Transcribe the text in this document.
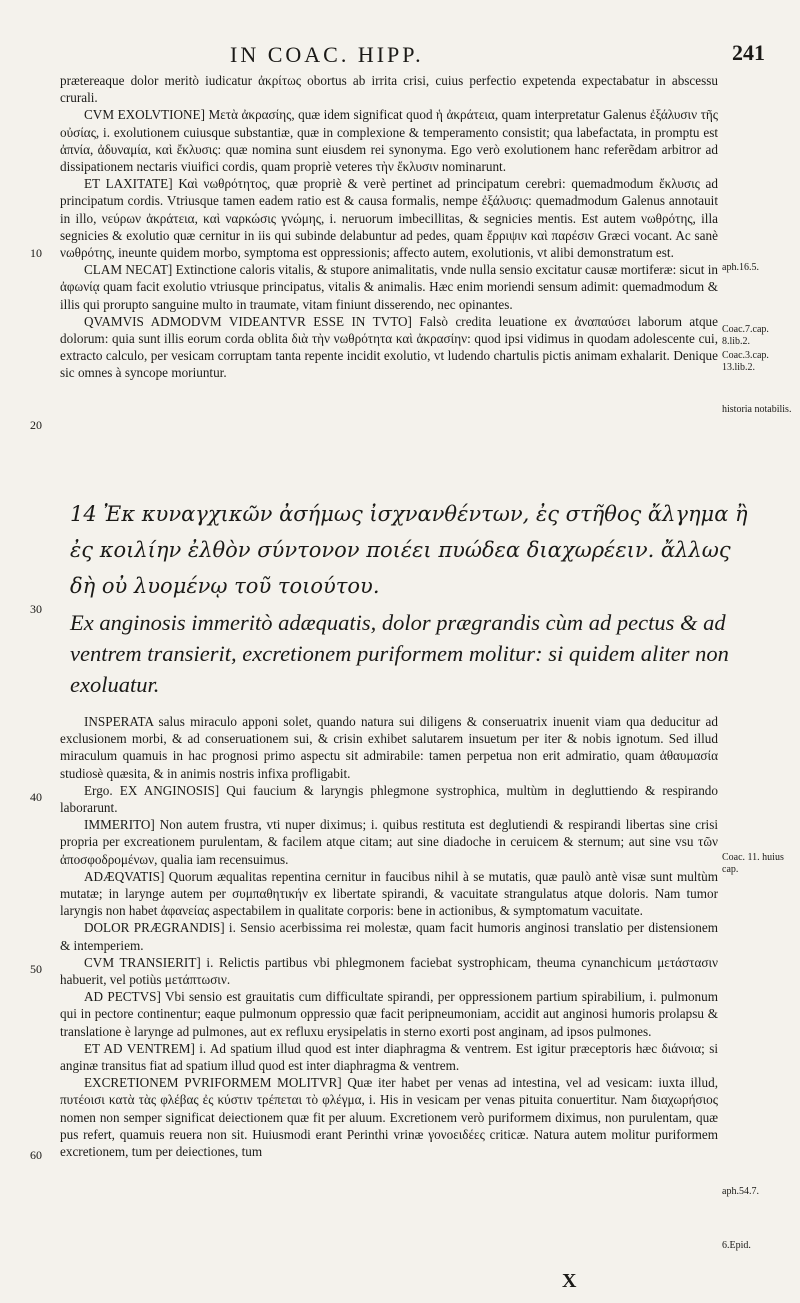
IN COAC. HIPP.	241

prætereaque dolor meritò iudicatur ἀκρίτως obortus ab irrita crisi, cuius perfectio expetenda expectabatur in abscessu crurali.

CVM EXOLVTIONE] Μετὰ ἀκρασίης, quæ idem significat quod ἡ ἀκράτεια, quam interpretatur Galenus ἐξάλυσιν τῆς οὐσίας, i. exolutionem cuiusque substantiæ, quæ in complexione & temperamento consistit; qua labefactata, in promptu est ἀπνία, ἀδυναμία, καὶ ἔκλυσις: quæ nomina sunt eiusdem rei synonyma. Ego verò exolutionem hanc referẽdam arbitror ad dissipationem nectaris viuifici cordis, quam propriè veteres τὴν ἔκλυσιν nominarunt.

ET LAXITATE] Καὶ νωθρότητος, quæ propriè & verè pertinet ad principatum cerebri: quemadmodum ἔκλυσις ad principatum cordis. Vtriusque tamen eadem ratio est & causa formalis, nempe ἐξάλυσις: quemadmodum Galenus annotauit in illo, νεύρων ἀκράτεια, καὶ ναρκώσις γνώμης, i. neruorum imbecillitas, & segnicies mentis. Est autem νωθρότης, illa segnicies & exolutio quæ cernitur in iis qui subinde delabuntur ad pedes, quam ἔρριψιν καὶ παρέσιν Græci vocant. Ac sanè νωθρότης, ineunte quidem morbo, symptoma est oppressionis; affecto autem, exolutionis, vt alibi demonstratum est.

CLAM NECAT] Extinctione caloris vitalis, & stupore animalitatis, vnde nulla sensio excitatur causæ mortiferæ: sicut in ἀφωνίᾳ quam facit exolutio vtriusque principatus, vitalis & animalis. Hæc enim moriendi sensum adimit: quemadmodum & illis qui prorupto sanguine multo in traumate, vitam finiunt disserendo, nec opinantes.

QVAMVIS ADMODVM VIDEANTVR ESSE IN TVTO] Falsò credita leuatione ex ἀναπαύσει laborum atque dolorum: quia sunt illis eorum corda oblita διὰ τὴν νωθρότητα καὶ ἀκρασίην: quod ipsi vidimus in quodam adolescente cui, extracto calculo, per vesicam corruptam tanta repente incidit exolutio, vt ludendo chartulis pictis animam exhalarit. Denique sic omnes à syncope moriuntur.

14 Ἐκ κυναγχικῶν ἀσήμως ἰσχνανθέντων, ἐς στῆθος ἄλγημα ἢ ἐς κοιλίην ἐλθὸν σύντονον ποιέει πυώδεα διαχωρέειν. ἄλλως δὴ οὐ λυομένῳ τοῦ τοιούτου.
Ex anginosis immeritò adæquatis, dolor prægrandis cùm ad pectus & ad ventrem transierit, excretionem puriformem molitur: si quidem aliter non exoluatur.

INSPERATA salus miraculo apponi solet, quando natura sui diligens & conseruatrix inuenit viam qua deducitur ad exclusionem morbi, & ad conseruationem sui, & crisin exhibet salutarem insuetum per iter & nobis ignotum. Sed illud miraculum quamuis in hac prognosi primo aspectu sit admirabile: tamen perpetua non erit admiratio, quam ἀθαυμασία studiosè quæsita, & in animis nostris infixa profligabit.

Ergo. EX ANGINOSIS] Qui faucium & laryngis phlegmone systrophica, multùm in degluttiendo & respirando laborarunt.

IMMERITO] Non autem frustra, vti nuper diximus; i. quibus restituta est deglutiendi & respirandi libertas sine crisi propria per excreationem purulentam, & facilem atque citam; aut sine diadoche in ceruicem & sternum; aut sine vsu τῶν ἀποσφοδρομένων, qualia iam recensuimus.

ADÆQVATIS] Quorum æqualitas repentina cernitur in faucibus nihil à se mutatis, quæ paulò antè visæ sunt multùm mutatæ; in larynge autem per συμπαθητικήν ex libertate spirandi, & vacuitate strangulatus atque doloris. Nam tumor laryngis non habet ἀφανείας aspectabilem in qualitate corporis: bene in actionibus, & symptomatum vacuitate.

DOLOR PRÆGRANDIS] i. Sensio acerbissima rei molestæ, quam facit humoris anginosi translatio per distensionem & intemperiem.

CVM TRANSIERIT] i. Relictis partibus vbi phlegmonem faciebat systrophicam, theuma cynanchicum μετάστασιν habuerit, vel potiùs μετάπτωσιν.

AD PECTVS] Vbi sensio est grauitatis cum difficultate spirandi, per oppressionem partium spirabilium, i. pulmonum qui in pectore continentur; eaque pulmonum oppressio quæ facit peripneumoniam, accidit aut anginosi humoris prolapsu & translatione è larynge ad pulmones, aut ex refluxu erysipelatis in sterno exorti post anginam, ad ipsos pulmones.

ET AD VENTREM] i. Ad spatium illud quod est inter diaphragma & ventrem. Est igitur præceptoris hæc διάνοια; si anginæ transitus fiat ad spatium illud quod est inter diaphragma & ventrem.

EXCRETIONEM PVRIFORMEM MOLITVR] Quæ iter habet per venas ad intestina, vel ad vesicam: iuxta illud, πυτέοισι κατὰ τὰς φλέβας ἐς κύστιν τρέπεται τὸ φλέγμα, i. His in vesicam per venas pituita conuertitur. Nam διαχωρήσιος nomen non semper significat deiectionem quæ fit per aluum. Excretionem verò puriformem diximus, non purulentam, quæ pus refert, quamuis reuera non sit. Huiusmodi erant Perinthi vrinæ γονοειδέες criticæ. Natura autem molitur puriformem excretionem, tum per deiectiones, tum

10
20
30
40
50
60
aph.16.5.
Coac.7.cap. 8.lib.2.
Coac.3.cap. 13.lib.2.
historia notabilis.
Coac. 11. huius cap.
aph.54.7.
6.Epid.
X
